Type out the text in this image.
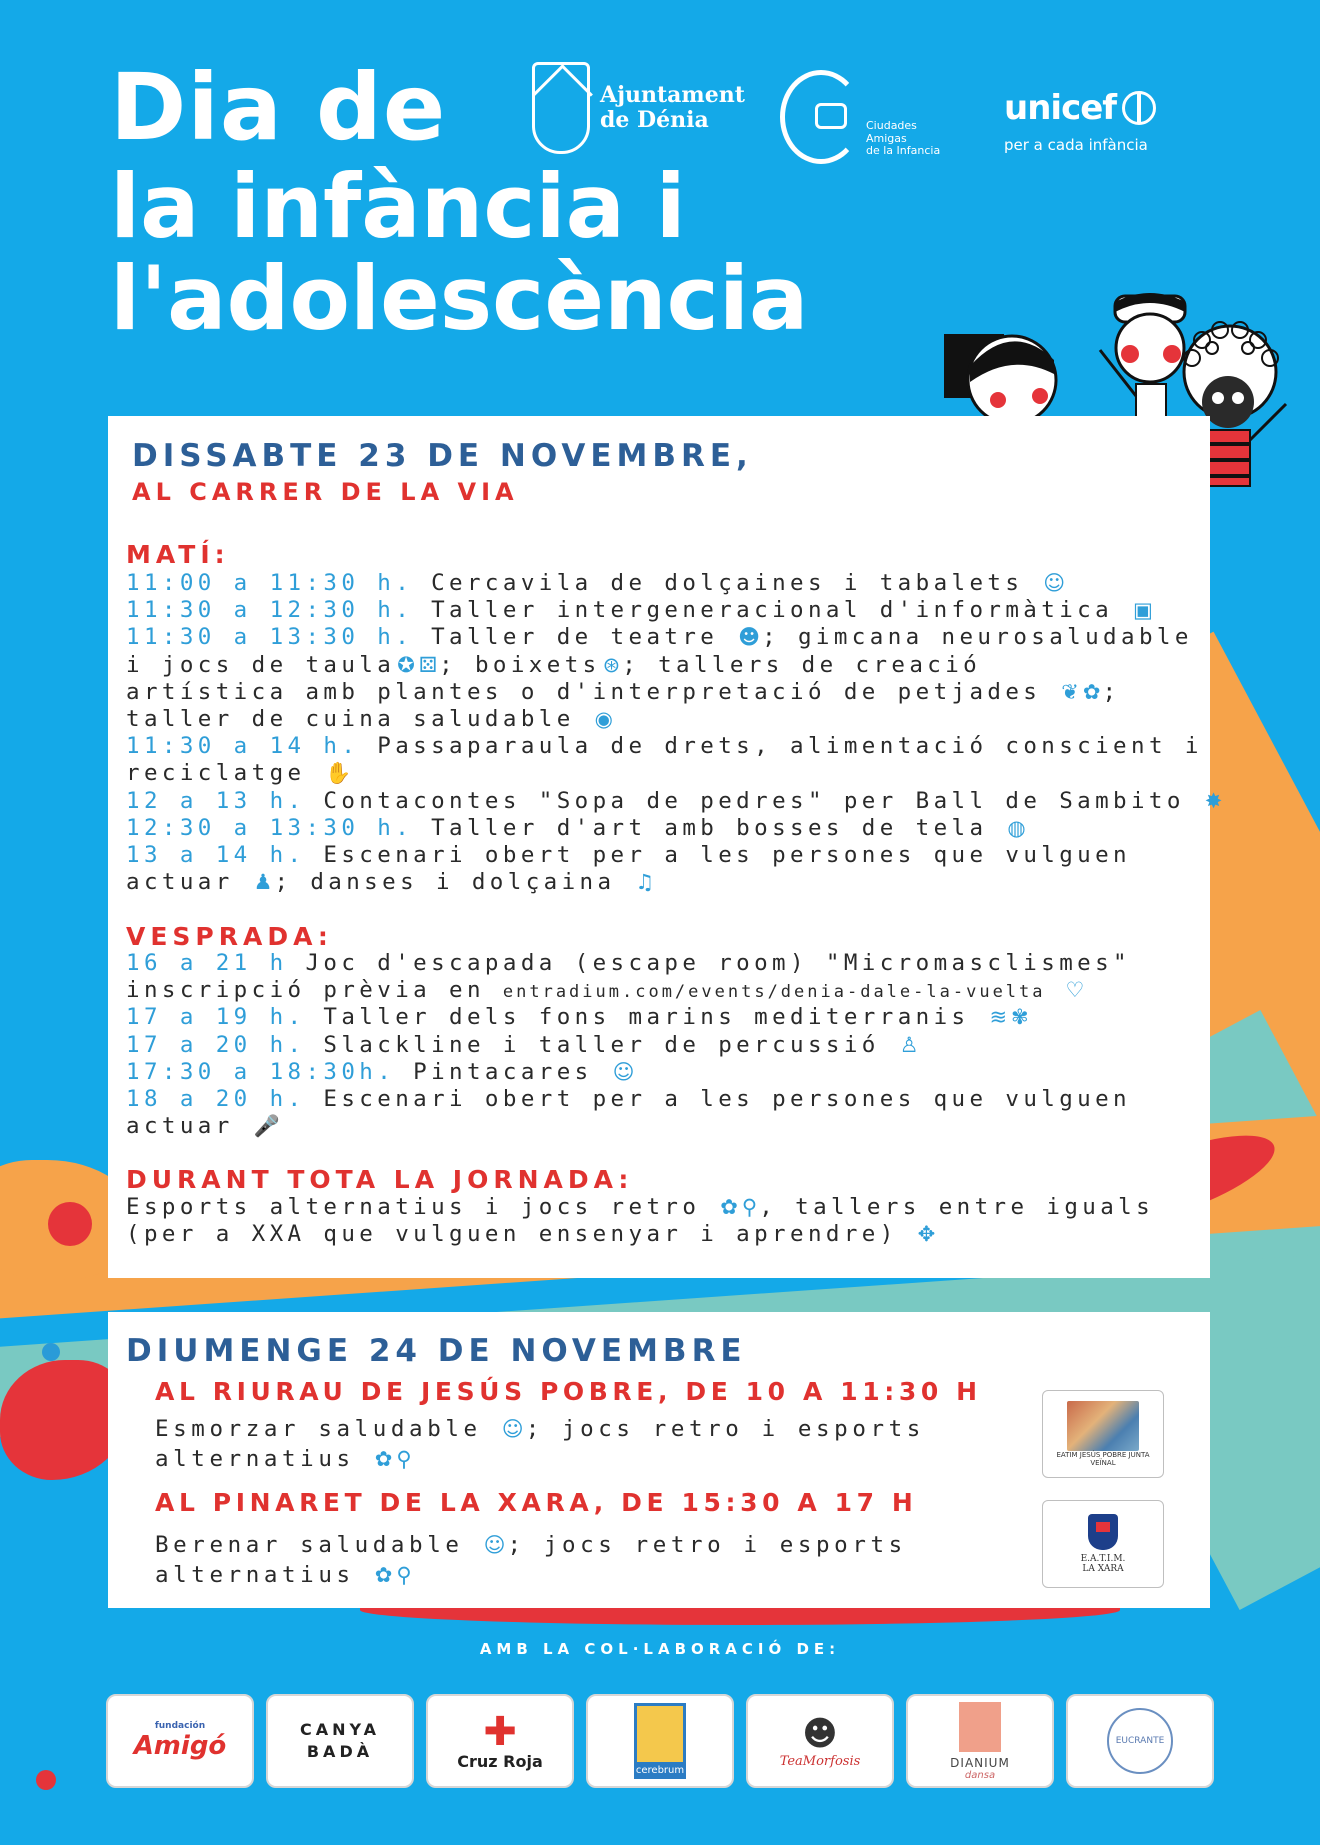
Dia de
la infància i l'adolescència
Ajuntament
de Dénia	Ciudades
Amigas
de la Infancia
unicef
per a cada infància
DISSABTE 23 DE NOVEMBRE,
AL CARRER DE LA VIA
MATÍ:
11:00 a 11:30 h. Cercavila de dolçaines i tabalets ☺
11:30 a 12:30 h. Taller intergeneracional d'informàtica ▣
11:30 a 13:30 h. Taller de teatre ☻; gimcana neurosaludable
i jocs de taula✪ ⚄; boixets⊛; tallers de creació
artística amb plantes o d'interpretació de petjades ❦ ✿;
taller de cuina saludable ◉
11:30 a 14 h. Passaparaula de drets, alimentació conscient i
reciclatge ✋
12 a 13 h. Contacontes "Sopa de pedres" per Ball de Sambito ✸
12:30 a 13:30 h. Taller d'art amb bosses de tela ◍
13 a 14 h. Escenari obert per a les persones que vulguen
actuar ♟; danses i dolçaina ♫
VESPRADA:
16 a 21 h Joc d'escapada (escape room) "Micromasclismes"
inscripció prèvia en entradium.com/events/denia-dale-la-vuelta ♡
17 a 19 h. Taller dels fons marins mediterranis ≋ ✾
17 a 20 h. Slackline i taller de percussió ♙
17:30 a 18:30h. Pintacares ☺
18 a 20 h. Escenari obert per a les persones que vulguen
actuar 🎤
DURANT TOTA LA JORNADA:
Esports alternatius i jocs retro ✿ ⚲, tallers entre iguals
(per a XXA que vulguen ensenyar i aprendre) ✥
DIUMENGE 24 DE NOVEMBRE
AL RIURAU DE JESÚS POBRE, DE 10 A 11:30 H
Esmorzar saludable ☺; jocs retro i esports
alternatius ✿ ⚲
AL PINARET DE LA XARA, DE 15:30 A 17 H
Berenar saludable ☺; jocs retro i esports
alternatius ✿ ⚲
EATIM JESÚS POBRE JUNTA VEÏNAL
E.A.T.I.M.
LA XARA
AMB LA COL·LABORACIÓ DE:
fundación
Amigó
CANYA
BADÀ	✚
Cruz Roja	cerebrum
☻
TeaMorfosis	DIANIUM
dansa
EUCRANTE
